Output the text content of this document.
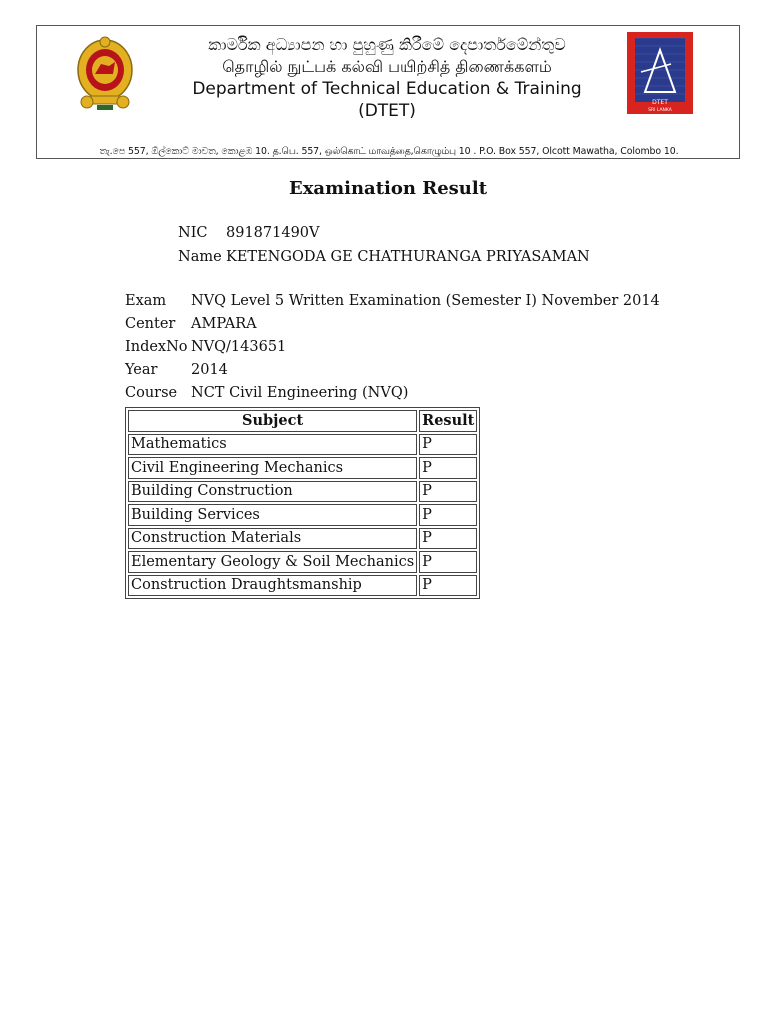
කාර්මික අධ්‍යාපන හා පුහුණු කිරීමේ දෙපාර්තමේන්තුව
தொழில் நுட்பக் கல்வி பயிற்சித் திணைக்களம்
Department of Technical Education & Training
(DTET)	DTET
SRI LANKA
තැ.පෙ 557, ඕල්කොට් මාවත, කොළඹ 10. த.பெ. 557, ஒல்கொட் மாவத்தை,கொழும்பு 10 . P.O. Box 557, Olcott Mawatha, Colombo 10.
Examination Result
NIC 891871490V
Name KETENGODA GE CHATHURANGA PRIYASAMAN
Exam NVQ Level 5 Written Examination (Semester I) November 2014
Center AMPARA
IndexNo NVQ/143651
Year 2014
Course NCT Civil Engineering (NVQ)
Subject	Result
Mathematics	P
Civil Engineering Mechanics	P
Building Construction	P
Building Services	P
Construction Materials	P
Elementary Geology & Soil Mechanics	P
Construction Draughtsmanship	P
